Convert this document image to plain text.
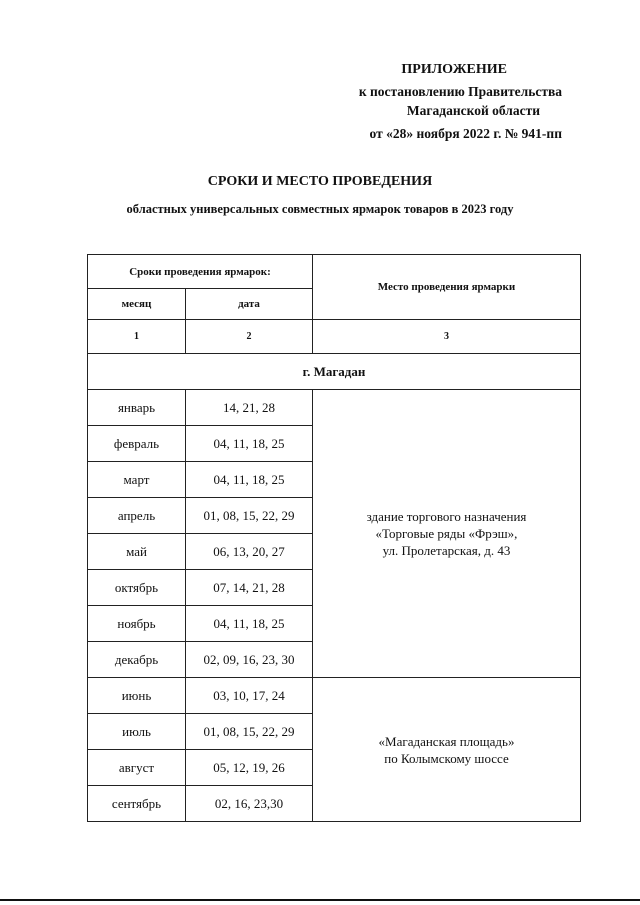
ПРИЛОЖЕНИЕ
к постановлению Правительства
Магаданской области
от «28» ноября 2022 г. № 941-пп
СРОКИ И МЕСТО ПРОВЕДЕНИЯ
областных универсальных совместных ярмарок товаров в 2023 году
Сроки проведения ярмарок:		Место проведения ярмарки
месяц	дата	
1	2	3
г. Магадан		
январь	14, 21, 28	здание торгового назначения
«Торговые ряды «Фрэш»,
ул. Пролетарская, д. 43

февраль	04, 11, 18, 25	
март	04, 11, 18, 25	
апрель	01, 08, 15, 22, 29	
май	06, 13, 20, 27	
октябрь	07, 14, 21, 28	
ноябрь	04, 11, 18, 25	
декабрь	02, 09, 16, 23, 30	
июнь	03, 10, 17, 24	«Магаданская площадь»
по Колымскому шоссе

июль	01, 08, 15, 22, 29	
август	05, 12, 19, 26	
сентябрь	02, 16, 23,30	
